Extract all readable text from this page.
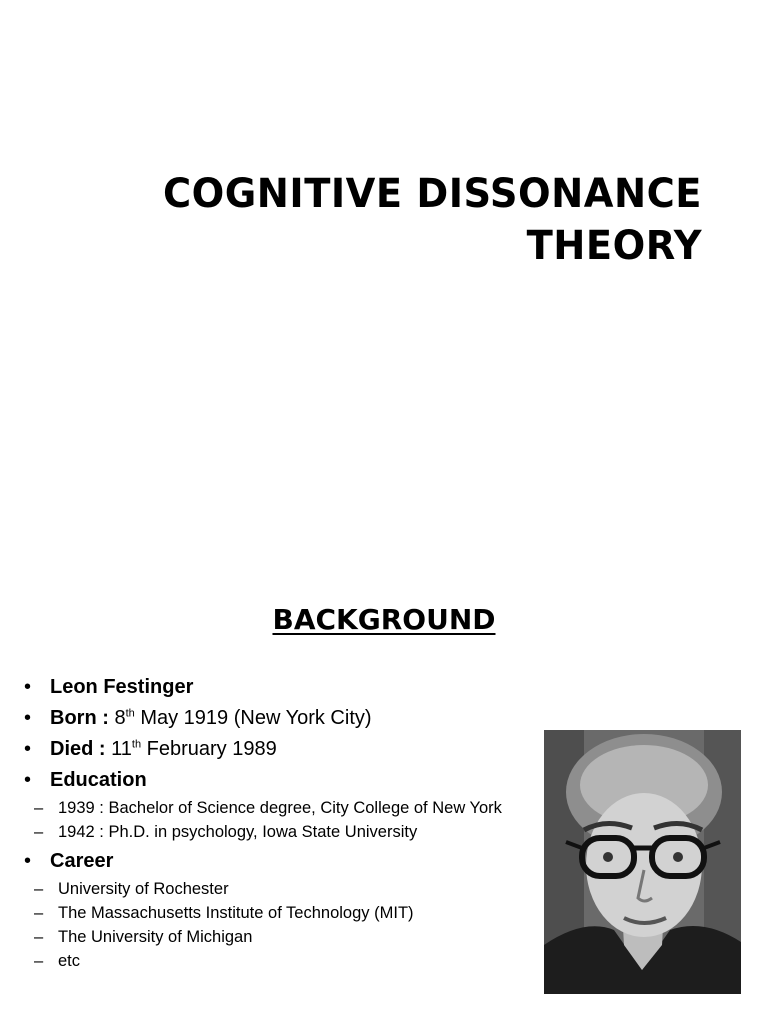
COGNITIVE DISSONANCE
THEORY
BACKGROUND
• Leon Festinger
• Born : 8th May 1919 (New York City)
• Died : 11th February 1989
• Education
– 1939 : Bachelor of Science degree, City College of New York
– 1942 : Ph.D. in psychology, Iowa State University
• Career
– University of Rochester
– The Massachusetts Institute of Technology (MIT)
– The University of Michigan
– etc
